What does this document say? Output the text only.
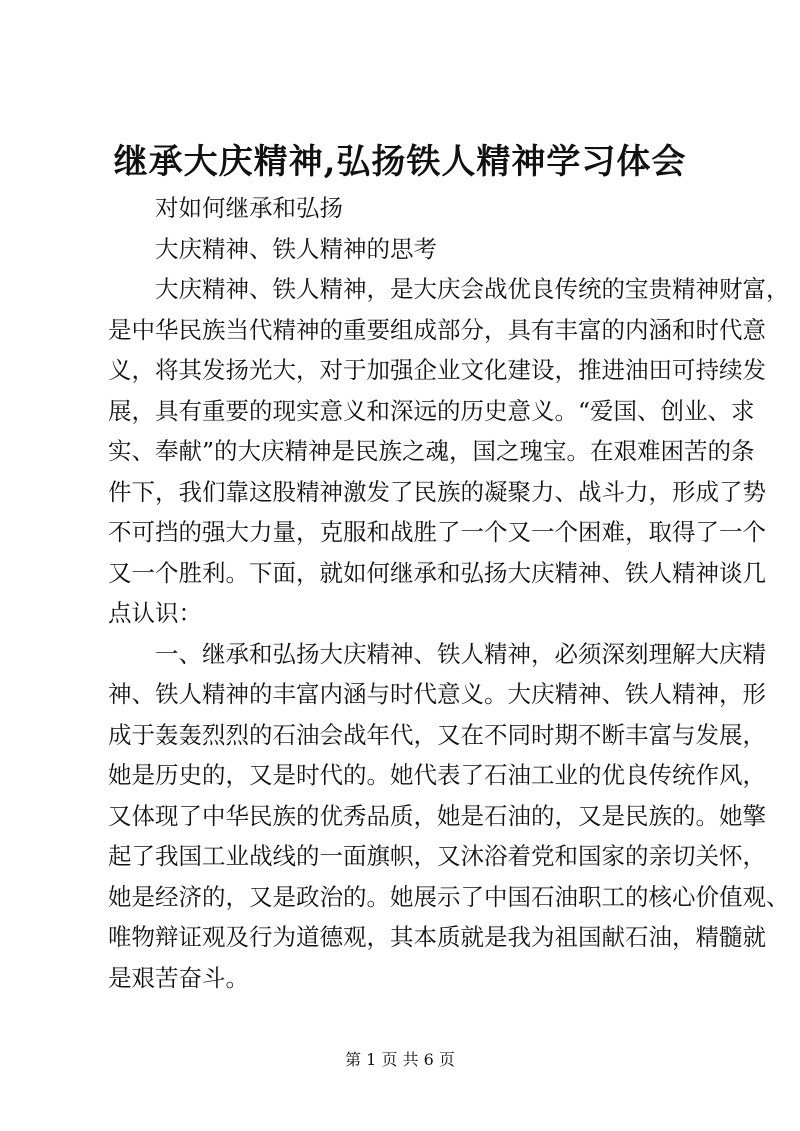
继承大庆精神,弘扬铁人精神学习体会
对如何继承和弘扬
大庆精神、铁人精神的思考
大庆精神、铁人精神，是大庆会战优良传统的宝贵精神财富，
是中华民族当代精神的重要组成部分，具有丰富的内涵和时代意
义，将其发扬光大，对于加强企业文化建设，推进油田可持续发
展，具有重要的现实意义和深远的历史意义。“爱国、创业、求
实、奉献”的大庆精神是民族之魂，国之瑰宝。在艰难困苦的条
件下，我们靠这股精神激发了民族的凝聚力、战斗力，形成了势
不可挡的强大力量，克服和战胜了一个又一个困难，取得了一个
又一个胜利。下面，就如何继承和弘扬大庆精神、铁人精神谈几
点认识：
一、继承和弘扬大庆精神、铁人精神，必须深刻理解大庆精
神、铁人精神的丰富内涵与时代意义。大庆精神、铁人精神，形
成于轰轰烈烈的石油会战年代，又在不同时期不断丰富与发展，
她是历史的，又是时代的。她代表了石油工业的优良传统作风，
又体现了中华民族的优秀品质，她是石油的，又是民族的。她擎
起了我国工业战线的一面旗帜，又沐浴着党和国家的亲切关怀，
她是经济的，又是政治的。她展示了中国石油职工的核心价值观、
唯物辩证观及行为道德观，其本质就是我为祖国献石油，精髓就
是艰苦奋斗。
第 1 页 共 6 页
